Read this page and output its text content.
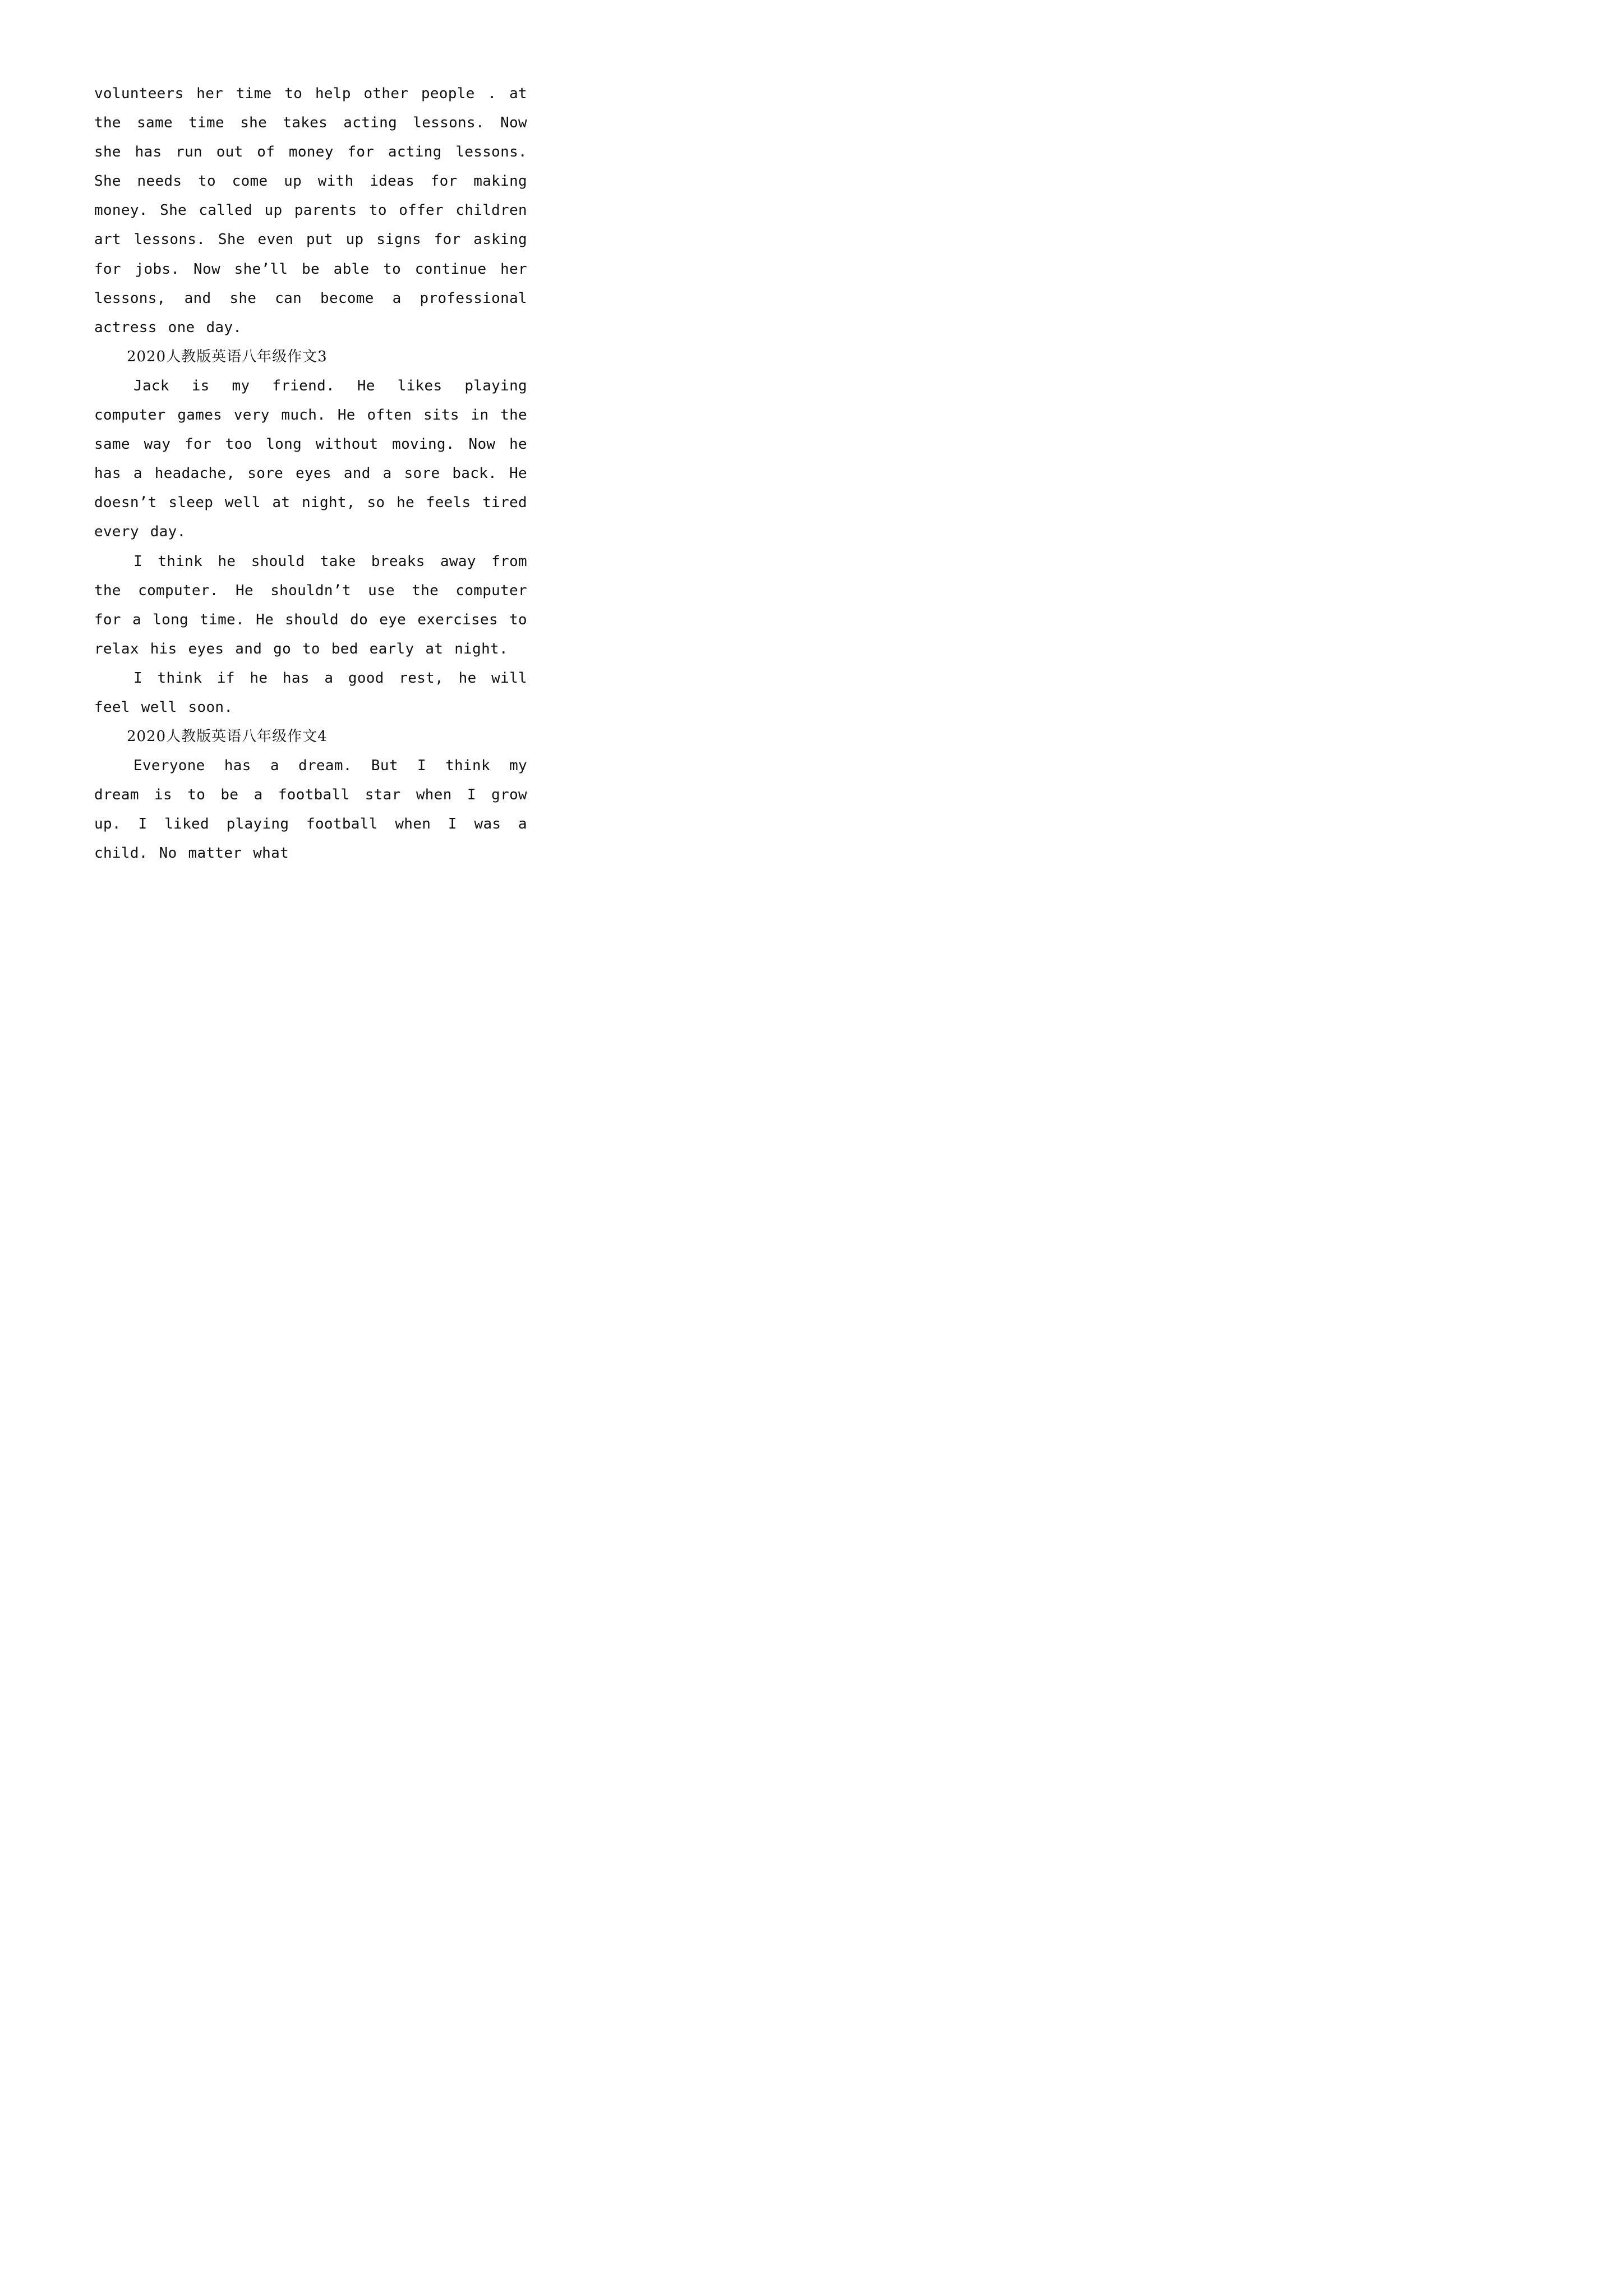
volunteers her time to help other people . at the same time she takes acting lessons. Now she has run out of money for acting lessons. She needs to come up with ideas for making money. She called up parents to offer children art lessons. She even put up signs for asking for jobs. Now she’ll be able to continue her lessons, and she can become a professional actress one day.

2020人教版英语八年级作文3

Jack is my friend. He likes playing computer games very much. He often sits in the same way for too long without moving. Now he has a headache, sore eyes and a sore back. He doesn’t sleep well at night, so he feels tired every day.

I think he should take breaks away from the computer. He shouldn’t use the computer for a long time. He should do eye exercises to relax his eyes and go to bed early at night.

I think if he has a good rest, he will feel well soon.

2020人教版英语八年级作文4

Everyone has a dream. But I think my dream is to be a football star when I grow up. I liked playing football when I was a child. No matter what
